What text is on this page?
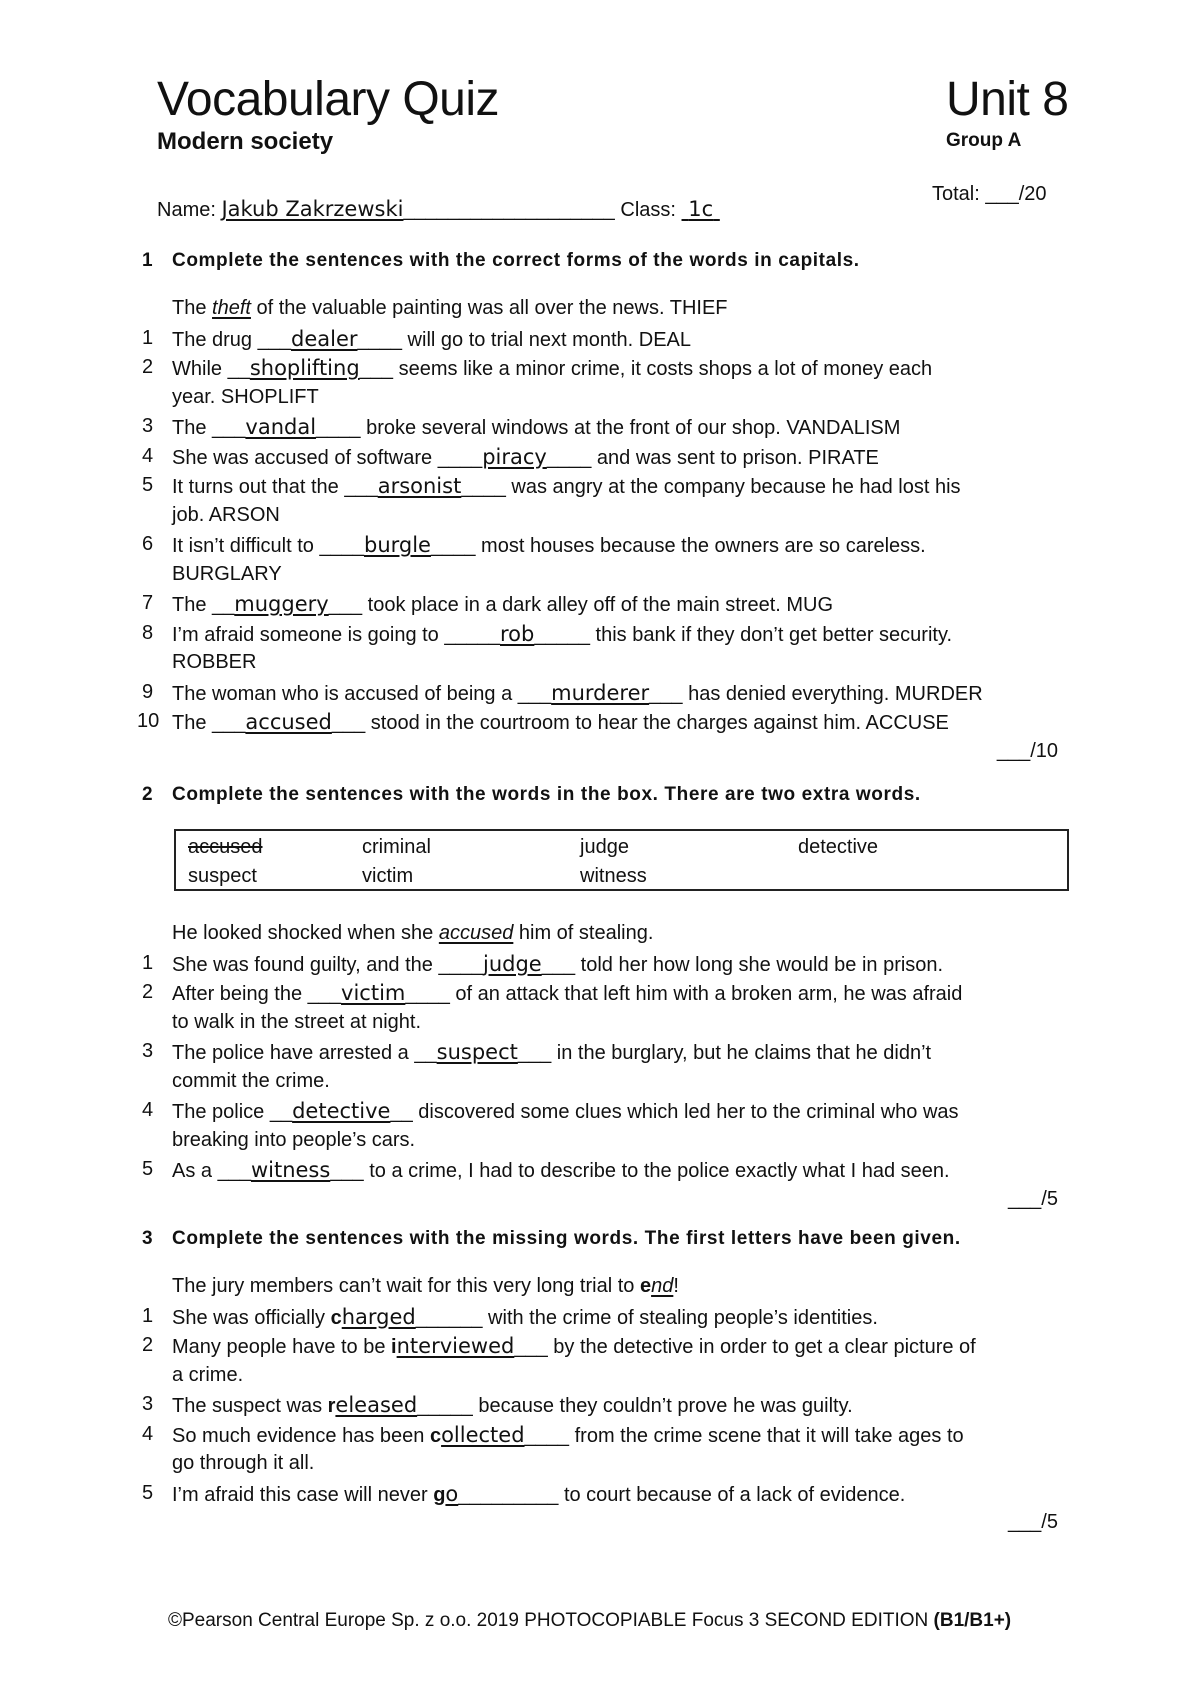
Vocabulary Quiz	Unit 8
Modern society	Group A
Name: Jakub Zakrzewski___________________ Class: 1c
Total: ___/20
1 Complete the sentences with the correct forms of the words in capitals.
The theft of the valuable painting was all over the news. THIEF
1 The drug ___dealer____ will go to trial next month. DEAL
2 While __shoplifting___ seems like a minor crime, it costs shops a lot of money each
year. SHOPLIFT
3 The ___vandal____ broke several windows at the front of our shop. VANDALISM
4 She was accused of software ____piracy____ and was sent to prison. PIRATE
5 It turns out that the ___arsonist____ was angry at the company because he had lost his
job. ARSON
6 It isn’t difficult to ____burgle____ most houses because the owners are so careless.
BURGLARY
7 The __muggery___ took place in a dark alley off of the main street. MUG
8 I’m afraid someone is going to _____rob_____ this bank if they don’t get better security.
ROBBER
9 The woman who is accused of being a ___murderer___ has denied everything. MURDER
10 The ___accused___ stood in the courtroom to hear the charges against him. ACCUSE
___/10
accused	criminal	judge	detective
suspect	victim	witness
2 Complete the sentences with the words in the box. There are two extra words.
He looked shocked when she accused him of stealing.
1 She was found guilty, and the ____judge___ told her how long she would be in prison.
2 After being the ___victim____ of an attack that left him with a broken arm, he was afraid
to walk in the street at night.
3 The police have arrested a __suspect___ in the burglary, but he claims that he didn’t
commit the crime.
4 The police __detective__ discovered some clues which led her to the criminal who was
breaking into people’s cars.
5 As a ___witness___ to a crime, I had to describe to the police exactly what I had seen.
___/5
3 Complete the sentences with the missing words. The first letters have been given.
The jury members can’t wait for this very long trial to end!
1 She was officially charged______ with the crime of stealing people’s identities.
2 Many people have to be interviewed___ by the detective in order to get a clear picture of
a crime.
3 The suspect was released_____ because they couldn’t prove he was guilty.
4 So much evidence has been collected____ from the crime scene that it will take ages to
go through it all.
5 I’m afraid this case will never go_________ to court because of a lack of evidence.
___/5
©Pearson Central Europe Sp. z o.o. 2019 PHOTOCOPIABLE Focus 3 SECOND EDITION (B1/B1+)
